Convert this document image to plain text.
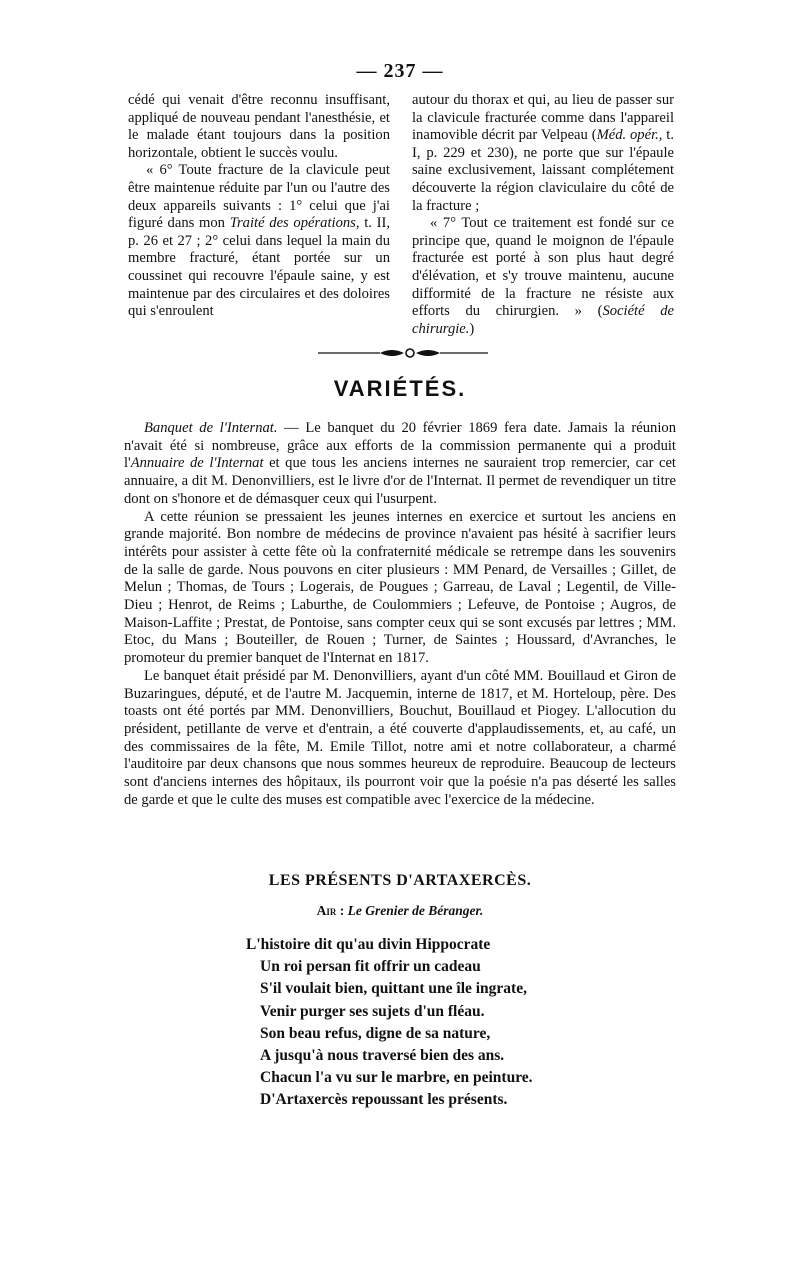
— 237 —

cédé qui venait d'être reconnu insuffisant, appliqué de nouveau pendant l'anesthésie, et le malade étant toujours dans la position horizontale, obtient le succès voulu.

« 6° Toute fracture de la clavicule peut être maintenue réduite par l'un ou l'autre des deux appareils suivants : 1° celui que j'ai figuré dans mon Traité des opérations, t. II, p. 26 et 27 ; 2° celui dans lequel la main du membre fracturé, étant portée sur un coussinet qui recouvre l'épaule saine, y est maintenue par des circulaires et des doloires qui s'enroulent

autour du thorax et qui, au lieu de passer sur la clavicule fracturée comme dans l'appareil inamovible décrit par Velpeau (Méd. opér., t. I, p. 229 et 230), ne porte que sur l'épaule saine exclusivement, laissant complétement découverte la région claviculaire du côté de la fracture ;

« 7° Tout ce traitement est fondé sur ce principe que, quand le moignon de l'épaule fracturée est porté à son plus haut degré d'élévation, et s'y trouve maintenu, aucune difformité de la fracture ne résiste aux efforts du chirurgien. » (Société de chirurgie.)

VARIÉTÉS.

Banquet de l'Internat. — Le banquet du 20 février 1869 fera date. Jamais la réunion n'avait été si nombreuse, grâce aux efforts de la commission permanente qui a produit l'Annuaire de l'Internat et que tous les anciens internes ne sauraient trop remercier, car cet annuaire, a dit M. Denonvilliers, est le livre d'or de l'Internat. Il permet de revendiquer un titre dont on s'honore et de démasquer ceux qui l'usurpent.

A cette réunion se pressaient les jeunes internes en exercice et surtout les anciens en grande majorité. Bon nombre de médecins de province n'avaient pas hésité à sacrifier leurs intérêts pour assister à cette fête où la confraternité médicale se retrempe dans les souvenirs de la salle de garde. Nous pouvons en citer plusieurs : MM Penard, de Versailles ; Gillet, de Melun ; Thomas, de Tours ; Logerais, de Pougues ; Garreau, de Laval ; Legentil, de Ville-Dieu ; Henrot, de Reims ; Laburthe, de Coulommiers ; Lefeuve, de Pontoise ; Augros, de Maison-Laffite ; Prestat, de Pontoise, sans compter ceux qui se sont excusés par lettres ; MM. Etoc, du Mans ; Bouteiller, de Rouen ; Turner, de Saintes ; Houssard, d'Avranches, le promoteur du premier banquet de l'Internat en 1817.

Le banquet était présidé par M. Denonvilliers, ayant d'un côté MM. Bouillaud et Giron de Buzaringues, député, et de l'autre M. Jacquemin, interne de 1817, et M. Horteloup, père. Des toasts ont été portés par MM. Denonvilliers, Bouchut, Bouillaud et Piogey. L'allocution du président, petillante de verve et d'entrain, a été couverte d'applaudissements, et, au café, un des commissaires de la fête, M. Emile Tillot, notre ami et notre collaborateur, a charmé l'auditoire par deux chansons que nous sommes heureux de reproduire. Beaucoup de lecteurs sont d'anciens internes des hôpitaux, ils pourront voir que la poésie n'a pas déserté les salles de garde et que le culte des muses est compatible avec l'exercice de la médecine.

LES PRÉSENTS D'ARTAXERCÈS.
Air : Le Grenier de Béranger.
L'histoire dit qu'au divin Hippocrate
Un roi persan fit offrir un cadeau
S'il voulait bien, quittant une île ingrate,
Venir purger ses sujets d'un fléau.
Son beau refus, digne de sa nature,
A jusqu'à nous traversé bien des ans.
Chacun l'a vu sur le marbre, en peinture.
D'Artaxercès repoussant les présents.
